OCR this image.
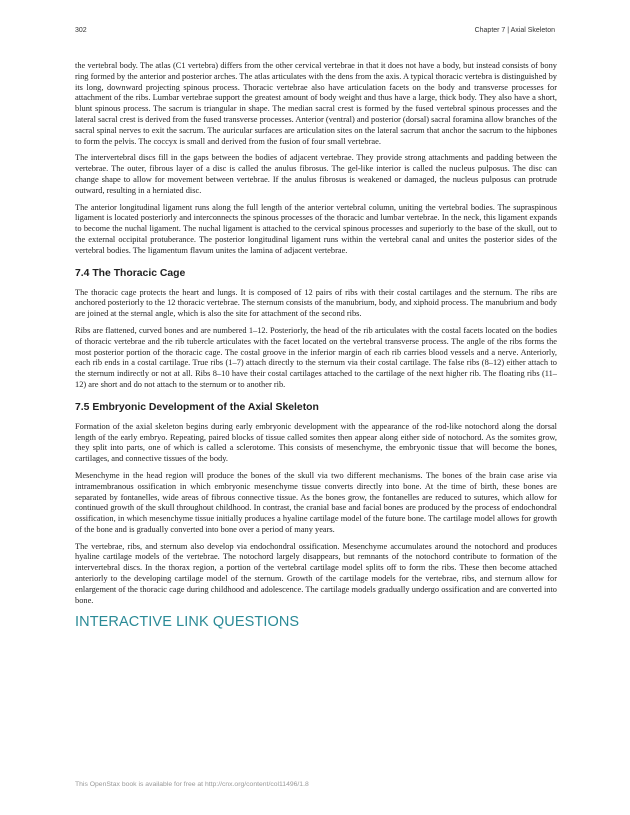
302	Chapter 7 | Axial Skeleton

the vertebral body. The atlas (C1 vertebra) differs from the other cervical vertebrae in that it does not have a body, but instead consists of bony ring formed by the anterior and posterior arches. The atlas articulates with the dens from the axis. A typical thoracic vertebra is distinguished by its long, downward projecting spinous process. Thoracic vertebrae also have articulation facets on the body and transverse processes for attachment of the ribs. Lumbar vertebrae support the greatest amount of body weight and thus have a large, thick body. They also have a short, blunt spinous process. The sacrum is triangular in shape. The median sacral crest is formed by the fused vertebral spinous processes and the lateral sacral crest is derived from the fused transverse processes. Anterior (ventral) and posterior (dorsal) sacral foramina allow branches of the sacral spinal nerves to exit the sacrum. The auricular surfaces are articulation sites on the lateral sacrum that anchor the sacrum to the hipbones to form the pelvis. The coccyx is small and derived from the fusion of four small vertebrae.

The intervertebral discs fill in the gaps between the bodies of adjacent vertebrae. They provide strong attachments and padding between the vertebrae. The outer, fibrous layer of a disc is called the anulus fibrosus. The gel-like interior is called the nucleus pulposus. The disc can change shape to allow for movement between vertebrae. If the anulus fibrosus is weakened or damaged, the nucleus pulposus can protrude outward, resulting in a herniated disc.

The anterior longitudinal ligament runs along the full length of the anterior vertebral column, uniting the vertebral bodies. The supraspinous ligament is located posteriorly and interconnects the spinous processes of the thoracic and lumbar vertebrae. In the neck, this ligament expands to become the nuchal ligament. The nuchal ligament is attached to the cervical spinous processes and superiorly to the base of the skull, out to the external occipital protuberance. The posterior longitudinal ligament runs within the vertebral canal and unites the posterior sides of the vertebral bodies. The ligamentum flavum unites the lamina of adjacent vertebrae.

7.4 The Thoracic Cage

The thoracic cage protects the heart and lungs. It is composed of 12 pairs of ribs with their costal cartilages and the sternum. The ribs are anchored posteriorly to the 12 thoracic vertebrae. The sternum consists of the manubrium, body, and xiphoid process. The manubrium and body are joined at the sternal angle, which is also the site for attachment of the second ribs.

Ribs are flattened, curved bones and are numbered 1–12. Posteriorly, the head of the rib articulates with the costal facets located on the bodies of thoracic vertebrae and the rib tubercle articulates with the facet located on the vertebral transverse process. The angle of the ribs forms the most posterior portion of the thoracic cage. The costal groove in the inferior margin of each rib carries blood vessels and a nerve. Anteriorly, each rib ends in a costal cartilage. True ribs (1–7) attach directly to the sternum via their costal cartilage. The false ribs (8–12) either attach to the sternum indirectly or not at all. Ribs 8–10 have their costal cartilages attached to the cartilage of the next higher rib. The floating ribs (11–12) are short and do not attach to the sternum or to another rib.

7.5 Embryonic Development of the Axial Skeleton

Formation of the axial skeleton begins during early embryonic development with the appearance of the rod-like notochord along the dorsal length of the early embryo. Repeating, paired blocks of tissue called somites then appear along either side of notochord. As the somites grow, they split into parts, one of which is called a sclerotome. This consists of mesenchyme, the embryonic tissue that will become the bones, cartilages, and connective tissues of the body.

Mesenchyme in the head region will produce the bones of the skull via two different mechanisms. The bones of the brain case arise via intramembranous ossification in which embryonic mesenchyme tissue converts directly into bone. At the time of birth, these bones are separated by fontanelles, wide areas of fibrous connective tissue. As the bones grow, the fontanelles are reduced to sutures, which allow for continued growth of the skull throughout childhood. In contrast, the cranial base and facial bones are produced by the process of endochondral ossification, in which mesenchyme tissue initially produces a hyaline cartilage model of the future bone. The cartilage model allows for growth of the bone and is gradually converted into bone over a period of many years.

The vertebrae, ribs, and sternum also develop via endochondral ossification. Mesenchyme accumulates around the notochord and produces hyaline cartilage models of the vertebrae. The notochord largely disappears, but remnants of the notochord contribute to formation of the intervertebral discs. In the thorax region, a portion of the vertebral cartilage model splits off to form the ribs. These then become attached anteriorly to the developing cartilage model of the sternum. Growth of the cartilage models for the vertebrae, ribs, and sternum allow for enlargement of the thoracic cage during childhood and adolescence. The cartilage models gradually undergo ossification and are converted into bone.

INTERACTIVE LINK QUESTIONS
This OpenStax book is available for free at http://cnx.org/content/col11496/1.8
